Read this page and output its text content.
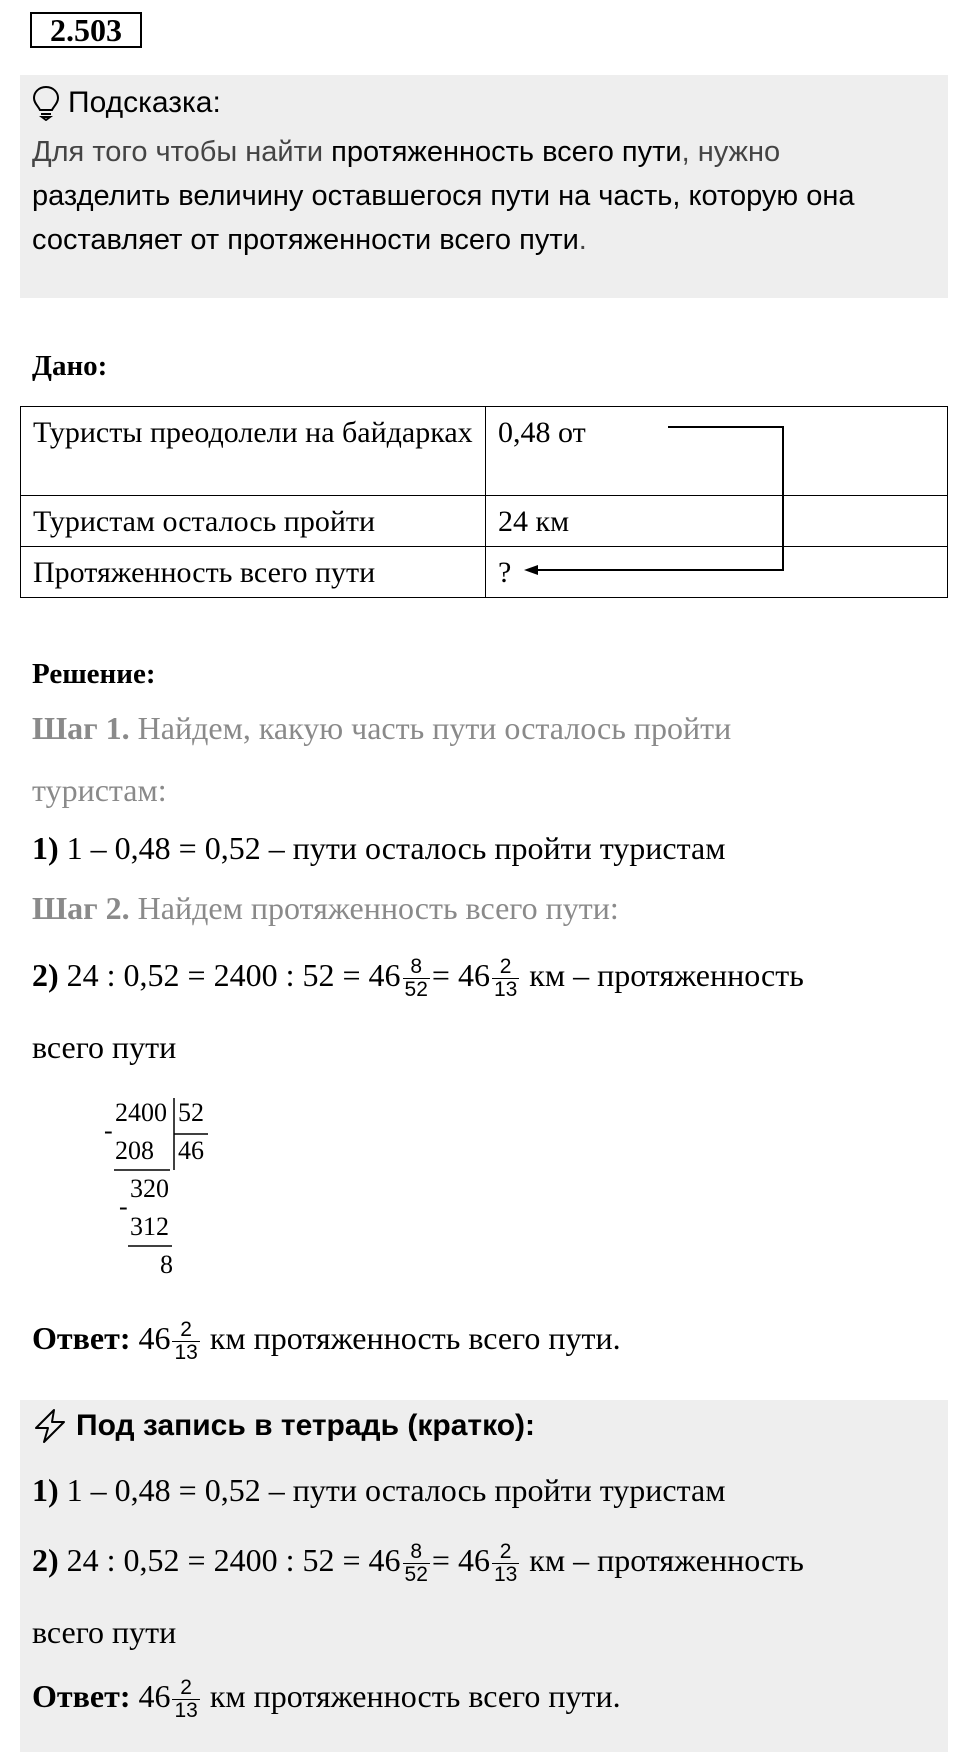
2.503
Подсказка:
Для того чтобы найти протяженность всего пути, нужно
разделить величину оставшегося пути на часть, которую она составляет от протяженности всего пути.
Дано:
Туристы преодолели на байдарках	0,48 от
Туристам осталось пройти	24 км
Протяженность всего пути	?
Решение:
Шаг 1. Найдем, какую часть пути осталось пройти
туристам:
1) 1 – 0,48 = 0,52 – пути осталось пройти туристам
Шаг 2. Найдем протяженность всего пути:
2) 24 : 0,52 = 2400 : $52 = 46 \frac{8}{52} = 46 \frac{2}{13}$ км – протяженность
всего пути
2400 52
-
208 46
320
-
312
8
Ответ: $46 \frac{2}{13}$ км протяженность всего пути.
Под запись в тетрадь (кратко):
1) 1 – 0,48 = 0,52 – пути осталось пройти туристам
2) 24 : 0,52 = 2400 : $52 = 46 \frac{8}{52} = 46 \frac{2}{13}$ км – протяженность
всего пути
Ответ: $46 \frac{2}{13}$ км протяженность всего пути.
